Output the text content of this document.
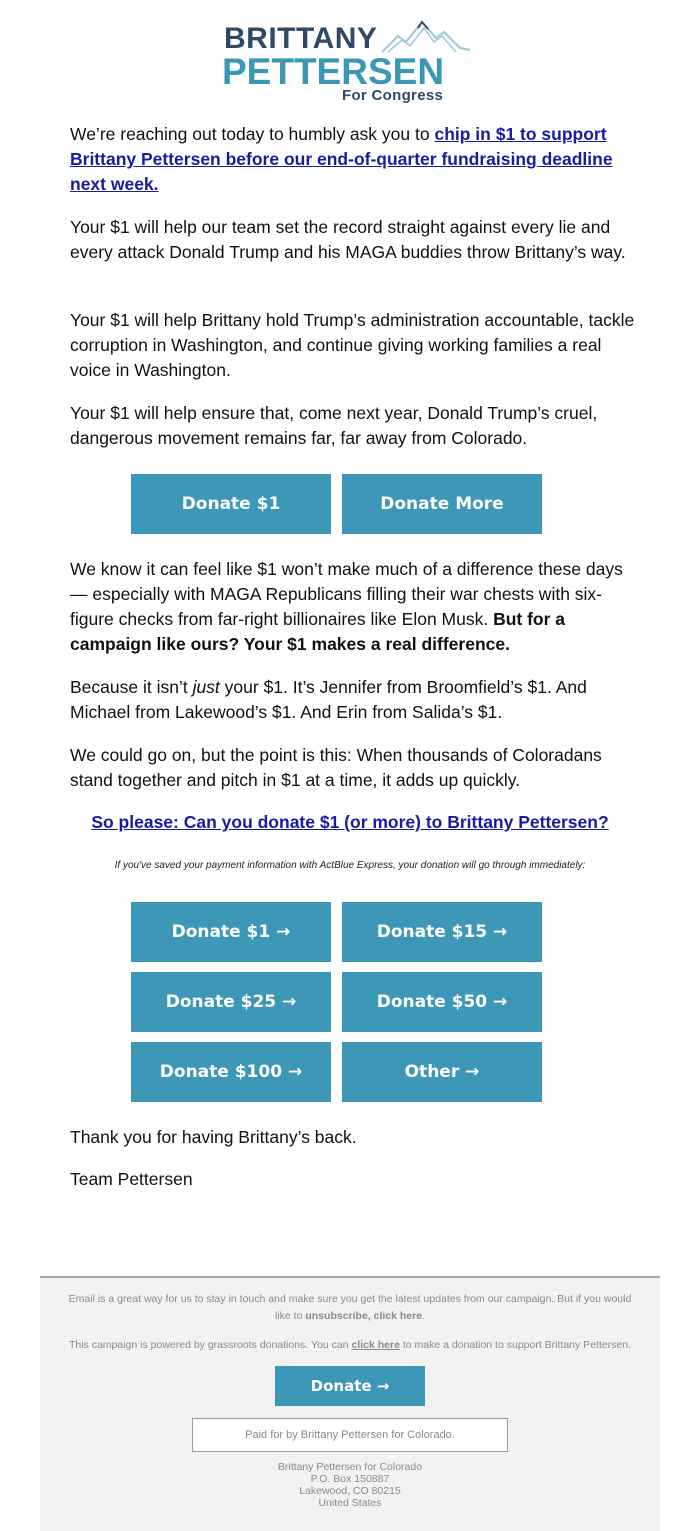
BRITTANY
PETTERSEN
For Congress
We’re reaching out today to humbly ask you to chip in $1 to support Brittany Pettersen before our end-of-quarter fundraising deadline next week.
Your $1 will help our team set the record straight against every lie and every attack Donald Trump and his MAGA buddies throw Brittany’s way.
Your $1 will help Brittany hold Trump’s administration accountable, tackle corruption in Washington, and continue giving working families a real voice in Washington.
Your $1 will help ensure that, come next year, Donald Trump’s cruel, dangerous movement remains far, far away from Colorado.
Donate $1	Donate More
We know it can feel like $1 won’t make much of a difference these days — especially with MAGA Republicans filling their war chests with six-figure checks from far-right billionaires like Elon Musk. But for a campaign like ours? Your $1 makes a real difference.
Because it isn’t just your $1. It’s Jennifer from Broomfield’s $1. And Michael from Lakewood’s $1. And Erin from Salida’s $1.
We could go on, but the point is this: When thousands of Coloradans stand together and pitch in $1 at a time, it adds up quickly.
So please: Can you donate $1 (or more) to Brittany Pettersen?
If you've saved your payment information with ActBlue Express, your donation will go through immediately:
Donate $1 →	Donate $15 →
Donate $25 →	Donate $50 →
Donate $100 →	Other →
Thank you for having Brittany’s back.
Team Pettersen
Email is a great way for us to stay in touch and make sure you get the latest updates from our campaign. But if you would like to unsubscribe, click here.
This campaign is powered by grassroots donations. You can click here to make a donation to support Brittany Pettersen.
Donate →
Paid for by Brittany Pettersen for Colorado.
Brittany Pettersen for Colorado
P.O. Box 150887
Lakewood, CO 80215
United States
